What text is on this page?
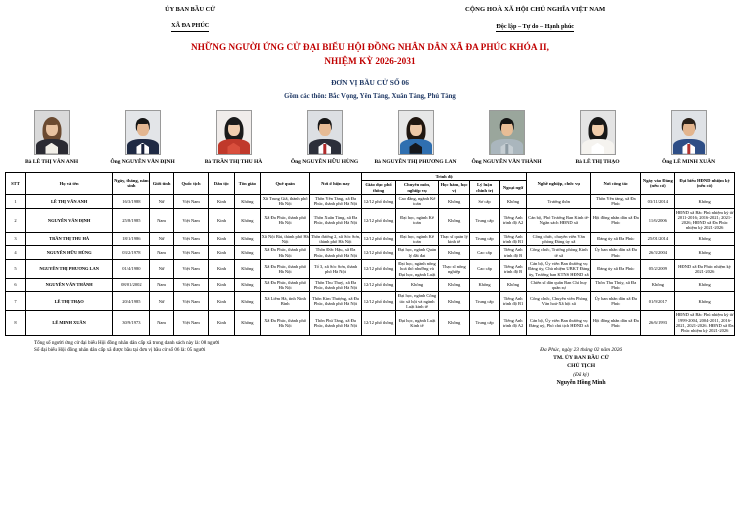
ỦY BAN BẦU CỬ
XÃ ĐA PHÚC
CỘNG HOÀ XÃ HỘI CHỦ NGHĨA VIỆT NAM
Độc lập – Tự do – Hạnh phúc
NHỮNG NGƯỜI ỨNG CỬ ĐẠI BIỂU HỘI ĐỒNG NHÂN DÂN XÃ ĐA PHÚC KHÓA II,
NHIỆM KỲ 2026-2031
ĐƠN VỊ BẦU CỬ SỐ 06
Gồm các thôn: Bắc Vọng, Yên Tàng, Xuân Tàng, Phú Tàng
Bà LÊ THỊ VÂN ANH	Ông NGUYỄN VĂN ĐỊNH	Bà TRẦN THỊ THU HÀ	Ông NGUYỄN HỮU HÙNG	Bà NGUYỄN THỊ PHƯƠNG LAN	Ông NGUYỄN VĂN THÀNH	Bà LÊ THỊ THẠO	Ông LÊ MINH XUÂN
STT	Họ và tên	Ngày, tháng, năm sinh	Giới tính	Quốc tịch	Dân tộc	Tôn giáo	Quê quán	Nơi ở hiện nay	Trình độ					Nghề nghiệp, chức vụ	Nơi công tác	Ngày vào Đảng (nếu có)	Đại biểu HĐND nhiệm kỳ (nếu có)
									Giáo dục phổ thông	Chuyên môn, nghiệp vụ	Học hàm, học vị	Lý luận chính trị	Ngoại ngữ				
1	LÊ THỊ VÂN ANH	16/3/1988	Nữ	Việt Nam	Kinh	Không	Xã Trung Giã, thành phố Hà Nội	Thôn Yên Tàng, xã Đa Phúc, thành phố Hà Nội	12/12 phổ thông	Cao đẳng, ngành Kế toán	Không	Sơ cấp	Không	Trưởng thôn	Thôn Yên tàng, xã Đa Phúc	03/11/2014	Không
2	NGUYỄN VĂN ĐỊNH	25/8/1985	Nam	Việt Nam	Kinh	Không	Xã Đa Phúc, thành phố Hà Nội	Thôn Xuân Tàng, xã Đa Phúc, thành phố Hà Nội	12/12 phổ thông	Đại học, ngành Kế toán	Không	Trung cấp	Tiếng Anh trình độ A2	Cán bộ, Phó Trưởng Ban Kinh tế-Ngân sách HĐND xã	Hội đồng nhân dân xã Đa Phúc	11/6/2006	HĐND xã Bắc Phú nhiệm kỳ từ 2011-2016; 2016-2021; 2021-2026; HĐND xã Đa Phúc nhiệm kỳ 2021-2026
3	TRẦN THỊ THU HÀ	18/1/1986	Nữ	Việt Nam	Kinh	Không	Xã Nội Bài, thành phố Hà Nội	Thôn đường 2, xã Sóc Sơn, thành phố Hà Nội	12/12 phổ thông	Đại học, ngành Kế toán	Thạc sĩ quản lý kinh tế	Trung cấp	Tiếng Anh trình độ B1	Công chức, chuyên viên Văn phòng Đảng ủy xã	Đảng ủy xã Đa Phúc	25/01/2014	Không
4	NGUYỄN HỮU HÙNG	03/2/1978	Nam	Việt Nam	Kinh	Không	Xã Đa Phúc, thành phố Hà Nội	Thôn Đức Hậu, xã Đa Phúc, thành phố Hà Nội	12/12 phổ thông	Đại học, ngành Quản lý đất đai	Không	Cao cấp	Tiếng Anh trình độ B	Công chức, Trưởng phòng Kinh tế xã	Ủy ban nhân dân xã Đa Phúc	26/3/2004	Không
5	NGUYỄN THỊ PHƯƠNG LAN	01/4/1980	Nữ	Việt Nam	Kinh	Không	Xã Đa Phúc, thành phố Hà Nội	Tổ 3, xã Sóc Sơn, thành phố Hà Nội	12/12 phổ thông	Đại học, ngành nông hoá thổ nhưỡng và Đại học, ngành Luật	Thạc sĩ nông nghiệp	Cao cấp	Tiếng Anh trình độ B	Cán bộ, Ủy viên Ban thường vụ Đảng ủy, Chủ nhiệm UBKT Đảng ủy, Trưởng ban KTNS HĐND xã	Đảng ủy xã Đa Phúc	05/2/2009	HĐND xã Đa Phúc nhiệm kỳ 2021-2026
6	NGUYỄN VĂN THÀNH	08/01/2002	Nam	Việt Nam	Kinh	Không	Xã Đa Phúc, thành phố Hà Nội	Thôn Thu Thuỷ, xã Đa Phúc, thành phố Hà Nội	12/12 phổ thông	Không	Không	Không	Không	Chiến sĩ dân quân Ban Chỉ huy quân sự	Thôn Thu Thủy, xã Đa Phúc	Không	Không
7	LÊ THỊ THẠO	20/4/1985	Nữ	Việt Nam	Kinh	Không	Xã Liêm Hà, tỉnh Ninh Bình	Thôn Kim Thượng, xã Đa Phúc, thành phố Hà Nội	12/12 phổ thông	Đại học, ngành Công tác xã hội và ngành Luật kinh tế	Không	Trung cấp	Tiếng Anh trình độ B1	Công chức, Chuyên viên Phòng Văn hoá-Xã hội xã	Ủy ban nhân dân xã Đa Phúc	01/9/2017	Không
8	LÊ MINH XUÂN	30/9/1973	Nam	Việt Nam	Kinh	Không	Xã Đa Phúc, thành phố Hà Nội	Thôn Phú Tàng, xã Đa Phúc, thành phố Hà Nội	12/12 phổ thông	Đại học, ngành Luật Kinh tế	Không	Trung cấp	Tiếng Anh trình độ A2	Cán bộ, Ủy viên Ban thường vụ Đảng uỷ, Phó chủ tịch HĐND xã	Hội đồng nhân dân xã Đa Phúc	26/6/1993	HĐND xã Bắc Phú nhiệm kỳ từ 1999-2004, 2004-2011, 2016- 2021, 2021-2026. HĐND xã Đa Phúc nhiệm kỳ 2021-2026
Tổng số người ứng cử đại biểu Hội đồng nhân dân cấp xã trong danh sách này là: 08 người
Số đại biểu Hội đồng nhân dân cấp xã được bầu tại đơn vị bầu cử số 06 là: 05 người	Đa Phúc, ngày 23 tháng 02 năm 2026
TM. ỦY BAN BẦU CỬ
CHỦ TỊCH
(Đã ký)
Nguyễn Hồng Minh
